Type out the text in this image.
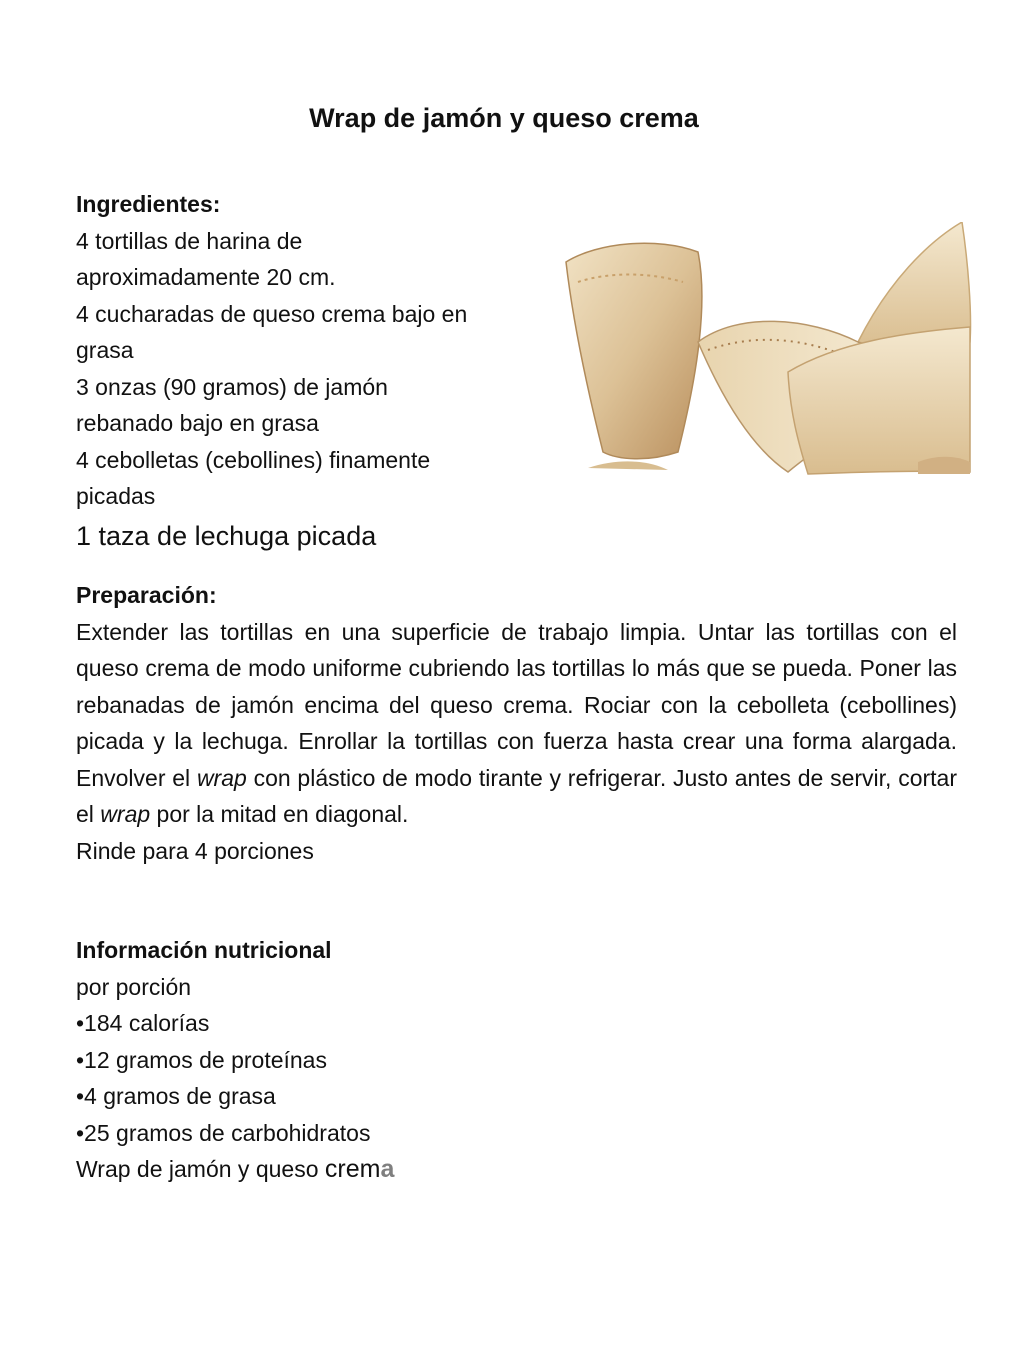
Wrap de jamón y queso crema
Ingredientes:
4 tortillas de harina de
aproximadamente 20 cm.
4 cucharadas de queso crema bajo en
grasa
3 onzas (90 gramos) de jamón
rebanado bajo en grasa
4 cebolletas (cebollines) finamente
picadas
1 taza de lechuga picada
Preparación:

Extender las tortillas en una superficie de trabajo limpia. Untar las tortillas con el queso crema de modo uniforme cubriendo las tortillas lo más que se pueda. Poner las rebanadas de jamón encima del queso crema. Rociar con la cebolleta (cebollines) picada y la lechuga. Enrollar la tortillas con fuerza hasta crear una forma alargada. Envolver el wrap con plástico de modo tirante y refrigerar. Justo antes de servir, cortar el wrap por la mitad en diagonal.

Rinde para 4 porciones
Información nutricional
por porción
•184 calorías
•12 gramos de proteínas
•4 gramos de grasa
•25 gramos de carbohidratos
Wrap de jamón y queso crema
